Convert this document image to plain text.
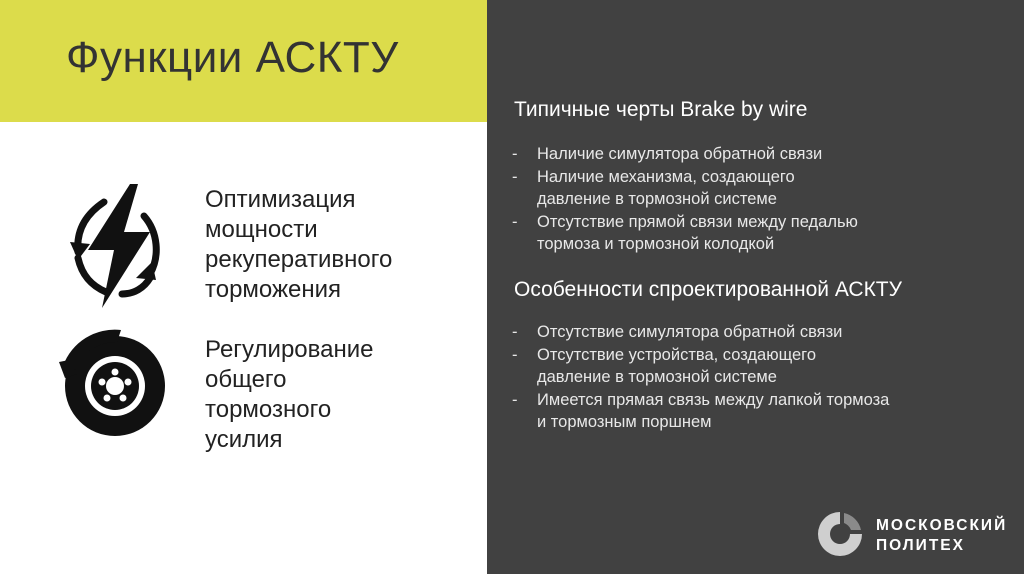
Функции АСКТУ
Оптимизация
мощности
рекуперативного
торможения
Регулирование
общего
тормозного
усилия
Типичные черты Brake by wire
- Наличие симулятора обратной связи
- Наличие механизма, создающего
давление в тормозной системе
- Отсутствие прямой связи между педалью
тормоза и тормозной колодкой
Особенности спроектированной АСКТУ
- Отсутствие симулятора обратной связи
- Отсутствие устройства, создающего
давление в тормозной системе
- Имеется прямая связь между лапкой тормоза
и тормозным поршнем
МОСКОВСКИЙ
ПОЛИТЕХ
